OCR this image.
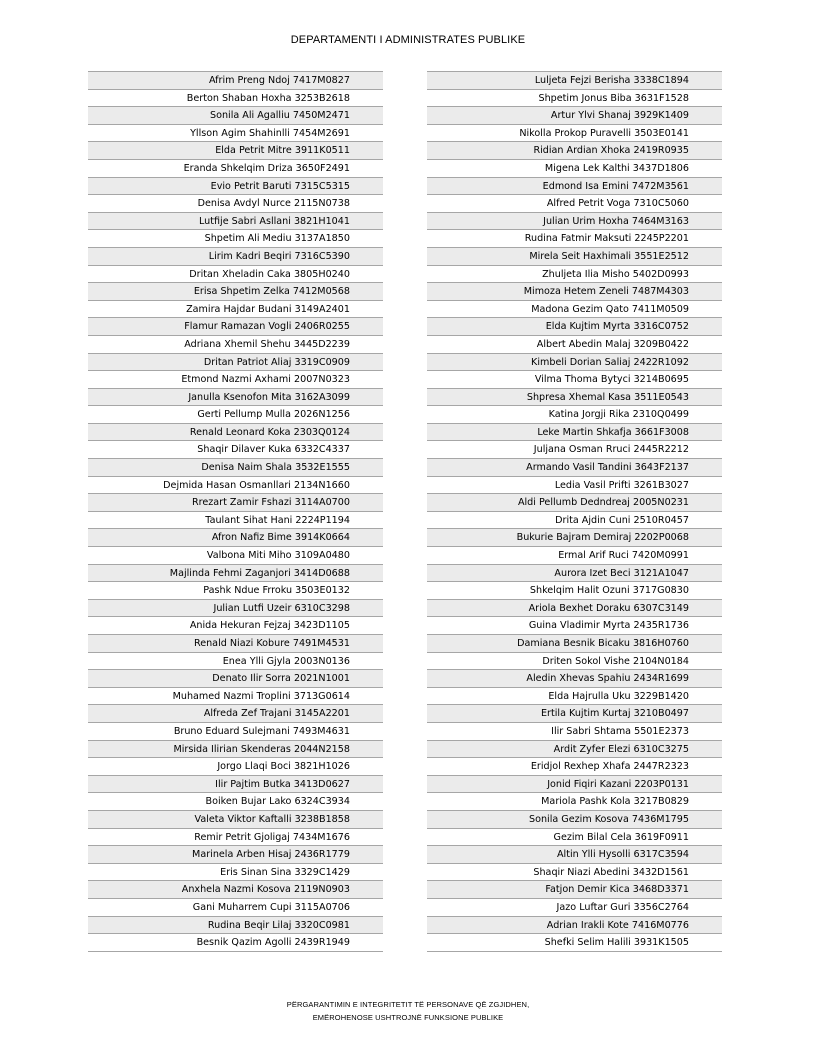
DEPARTAMENTI I ADMINISTRATES PUBLIKE
Afrim Preng Ndoj 7417M0827
Berton Shaban Hoxha 3253B2618
Sonila Ali Agalliu 7450M2471
Yllson Agim Shahinlli 7454M2691
Elda Petrit Mitre 3911K0511
Eranda Shkelqim Driza 3650F2491
Evio Petrit Baruti 7315C5315
Denisa Avdyl Nurce 2115N0738
Lutfije Sabri Asllani 3821H1041
Shpetim Ali Mediu 3137A1850
Lirim Kadri Beqiri 7316C5390
Dritan Xheladin Caka 3805H0240
Erisa Shpetim Zelka 7412M0568
Zamira Hajdar Budani 3149A2401
Flamur Ramazan Vogli 2406R0255
Adriana Xhemil Shehu 3445D2239
Dritan Patriot Aliaj 3319C0909
Etmond Nazmi Axhami 2007N0323
Janulla Ksenofon Mita 3162A3099
Gerti Pellump Mulla 2026N1256
Renald Leonard Koka 2303Q0124
Shaqir Dilaver Kuka 6332C4337
Denisa Naim Shala 3532E1555
Dejmida Hasan Osmanllari 2134N1660
Rrezart Zamir Fshazi 3114A0700
Taulant Sihat Hani 2224P1194
Afron Nafiz Bime 3914K0664
Valbona Miti Miho 3109A0480
Majlinda Fehmi Zaganjori 3414D0688
Pashk Ndue Frroku 3503E0132
Julian Lutfi Uzeir 6310C3298
Anida Hekuran Fejzaj 3423D1105
Renald Niazi Kobure 7491M4531
Enea Ylli Gjyla 2003N0136
Denato Ilir Sorra 2021N1001
Muhamed Nazmi Troplini 3713G0614
Alfreda Zef Trajani 3145A2201
Bruno Eduard Sulejmani 7493M4631
Mirsida Ilirian Skenderas 2044N2158
Jorgo Llaqi Boci 3821H1026
Ilir Pajtim Butka 3413D0627
Boiken Bujar Lako 6324C3934
Valeta Viktor Kaftalli 3238B1858
Remir Petrit Gjoligaj 7434M1676
Marinela Arben Hisaj 2436R1779
Eris Sinan Sina 3329C1429
Anxhela Nazmi Kosova 2119N0903
Gani Muharrem Cupi 3115A0706
Rudina Beqir Lilaj 3320C0981
Besnik Qazim Agolli 2439R1949
Luljeta Fejzi Berisha 3338C1894
Shpetim Jonus Biba 3631F1528
Artur Ylvi Shanaj 3929K1409
Nikolla Prokop Puravelli 3503E0141
Ridian Ardian Xhoka 2419R0935
Migena Lek Kalthi 3437D1806
Edmond Isa Emini 7472M3561
Alfred Petrit Voga 7310C5060
Julian Urim Hoxha 7464M3163
Rudina Fatmir Maksuti 2245P2201
Mirela Seit Haxhimali 3551E2512
Zhuljeta Ilia Misho 5402D0993
Mimoza Hetem Zeneli 7487M4303
Madona Gezim Qato 7411M0509
Elda Kujtim Myrta 3316C0752
Albert Abedin Malaj 3209B0422
Kimbeli Dorian Saliaj 2422R1092
Vilma Thoma Bytyci 3214B0695
Shpresa Xhemal Kasa 3511E0543
Katina Jorgji Rika 2310Q0499
Leke Martin Shkafja 3661F3008
Juljana Osman Rruci 2445R2212
Armando Vasil Tandini 3643F2137
Ledia Vasil Prifti 3261B3027
Aldi Pellumb Dedndreaj 2005N0231
Drita Ajdin Cuni 2510R0457
Bukurie Bajram Demiraj 2202P0068
Ermal Arif Ruci 7420M0991
Aurora Izet Beci 3121A1047
Shkelqim Halit Ozuni 3717G0830
Ariola Bexhet Doraku 6307C3149
Guina Vladimir Myrta 2435R1736
Damiana Besnik Bicaku 3816H0760
Driten Sokol Vishe 2104N0184
Aledin Xhevas Spahiu 2434R1699
Elda Hajrulla Uku 3229B1420
Ertila Kujtim Kurtaj 3210B0497
Ilir Sabri Shtama 5501E2373
Ardit Zyfer Elezi 6310C3275
Eridjol Rexhep Xhafa 2447R2323
Jonid Fiqiri Kazani 2203P0131
Mariola Pashk Kola 3217B0829
Sonila Gezim Kosova 7436M1795
Gezim Bilal Cela 3619F0911
Altin Ylli Hysolli 6317C3594
Shaqir Niazi Abedini 3432D1561
Fatjon Demir Kica 3468D3371
Jazo Luftar Guri 3356C2764
Adrian Irakli Kote 7416M0776
Shefki Selim Halili 3931K1505
PËRGARANTIMIN E INTEGRITETIT TË PERSONAVE QË ZGJIDHEN,
EMËROHENOSE USHTROJNË FUNKSIONE PUBLIKE
